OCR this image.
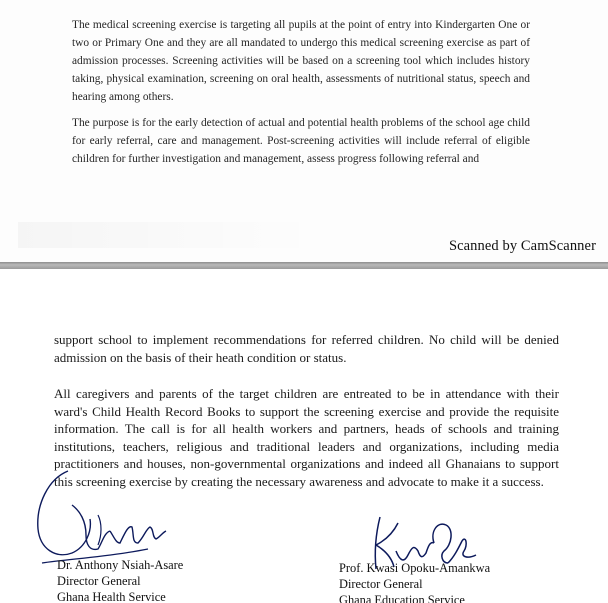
The medical screening exercise is targeting all pupils at the point of entry into Kindergarten One or two or Primary One and they are all mandated to undergo this medical screening exercise as part of admission processes. Screening activities will be based on a screening tool which includes history taking, physical examination, screening on oral health, assessments of nutritional status, speech and hearing among others.

The purpose is for the early detection of actual and potential health problems of the school age child for early referral, care and management. Post-screening activities will include referral of eligible children for further investigation and management, assess progress following referral and

Scanned by CamScanner

support school to implement recommendations for referred children. No child will be denied admission on the basis of their heath condition or status.

All caregivers and parents of the target children are entreated to be in attendance with their ward's Child Health Record Books to support the screening exercise and provide the requisite information. The call is for all health workers and partners, heads of schools and training institutions, teachers, religious and traditional leaders and organizations, including media practitioners and houses, non-governmental organizations and indeed all Ghanaians to support this screening exercise by creating the necessary awareness and advocate to make it a success.

Dr. Anthony Nsiah-Asare
Director General
Ghana Health Service
Prof. Kwasi Opoku-Amankwa
Director General
Ghana Education Service
